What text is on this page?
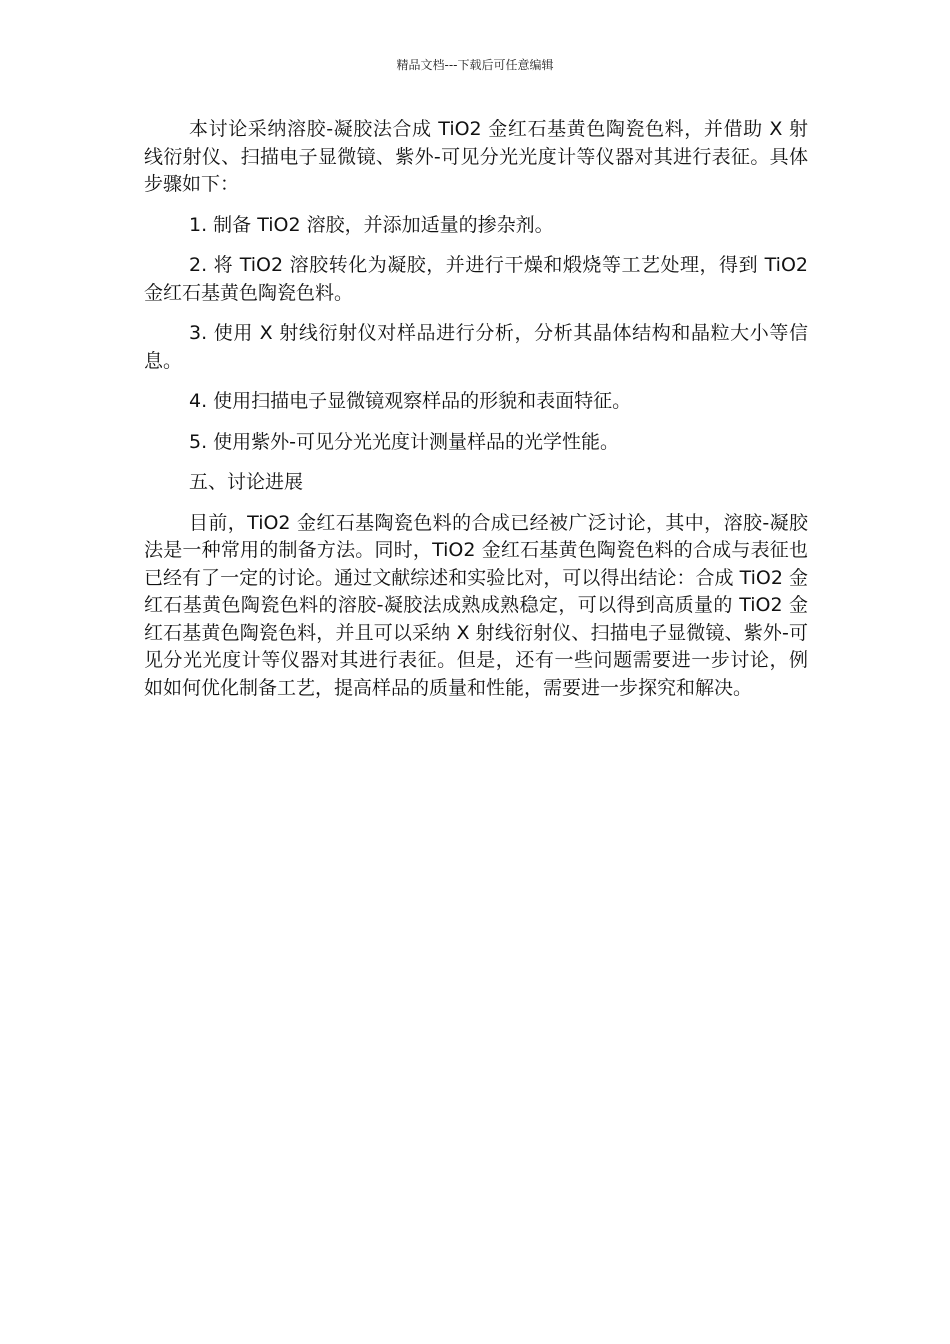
精品文档---下载后可任意编辑

本讨论采纳溶胶-凝胶法合成 TiO2 金红石基黄色陶瓷色料，并借助 X 射线衍射仪、扫描电子显微镜、紫外-可见分光光度计等仪器对其进行表征。具体步骤如下：

1. 制备 TiO2 溶胶，并添加适量的掺杂剂。

2. 将 TiO2 溶胶转化为凝胶，并进行干燥和煅烧等工艺处理，得到 TiO2 金红石基黄色陶瓷色料。

3. 使用 X 射线衍射仪对样品进行分析，分析其晶体结构和晶粒大小等信息。

4. 使用扫描电子显微镜观察样品的形貌和表面特征。

5. 使用紫外-可见分光光度计测量样品的光学性能。

五、讨论进展

目前，TiO2 金红石基陶瓷色料的合成已经被广泛讨论，其中，溶胶-凝胶法是一种常用的制备方法。同时，TiO2 金红石基黄色陶瓷色料的合成与表征也已经有了一定的讨论。通过文献综述和实验比对，可以得出结论：合成 TiO2 金红石基黄色陶瓷色料的溶胶-凝胶法成熟成熟稳定，可以得到高质量的 TiO2 金红石基黄色陶瓷色料，并且可以采纳 X 射线衍射仪、扫描电子显微镜、紫外-可见分光光度计等仪器对其进行表征。但是，还有一些问题需要进一步讨论，例如如何优化制备工艺，提高样品的质量和性能，需要进一步探究和解决。
